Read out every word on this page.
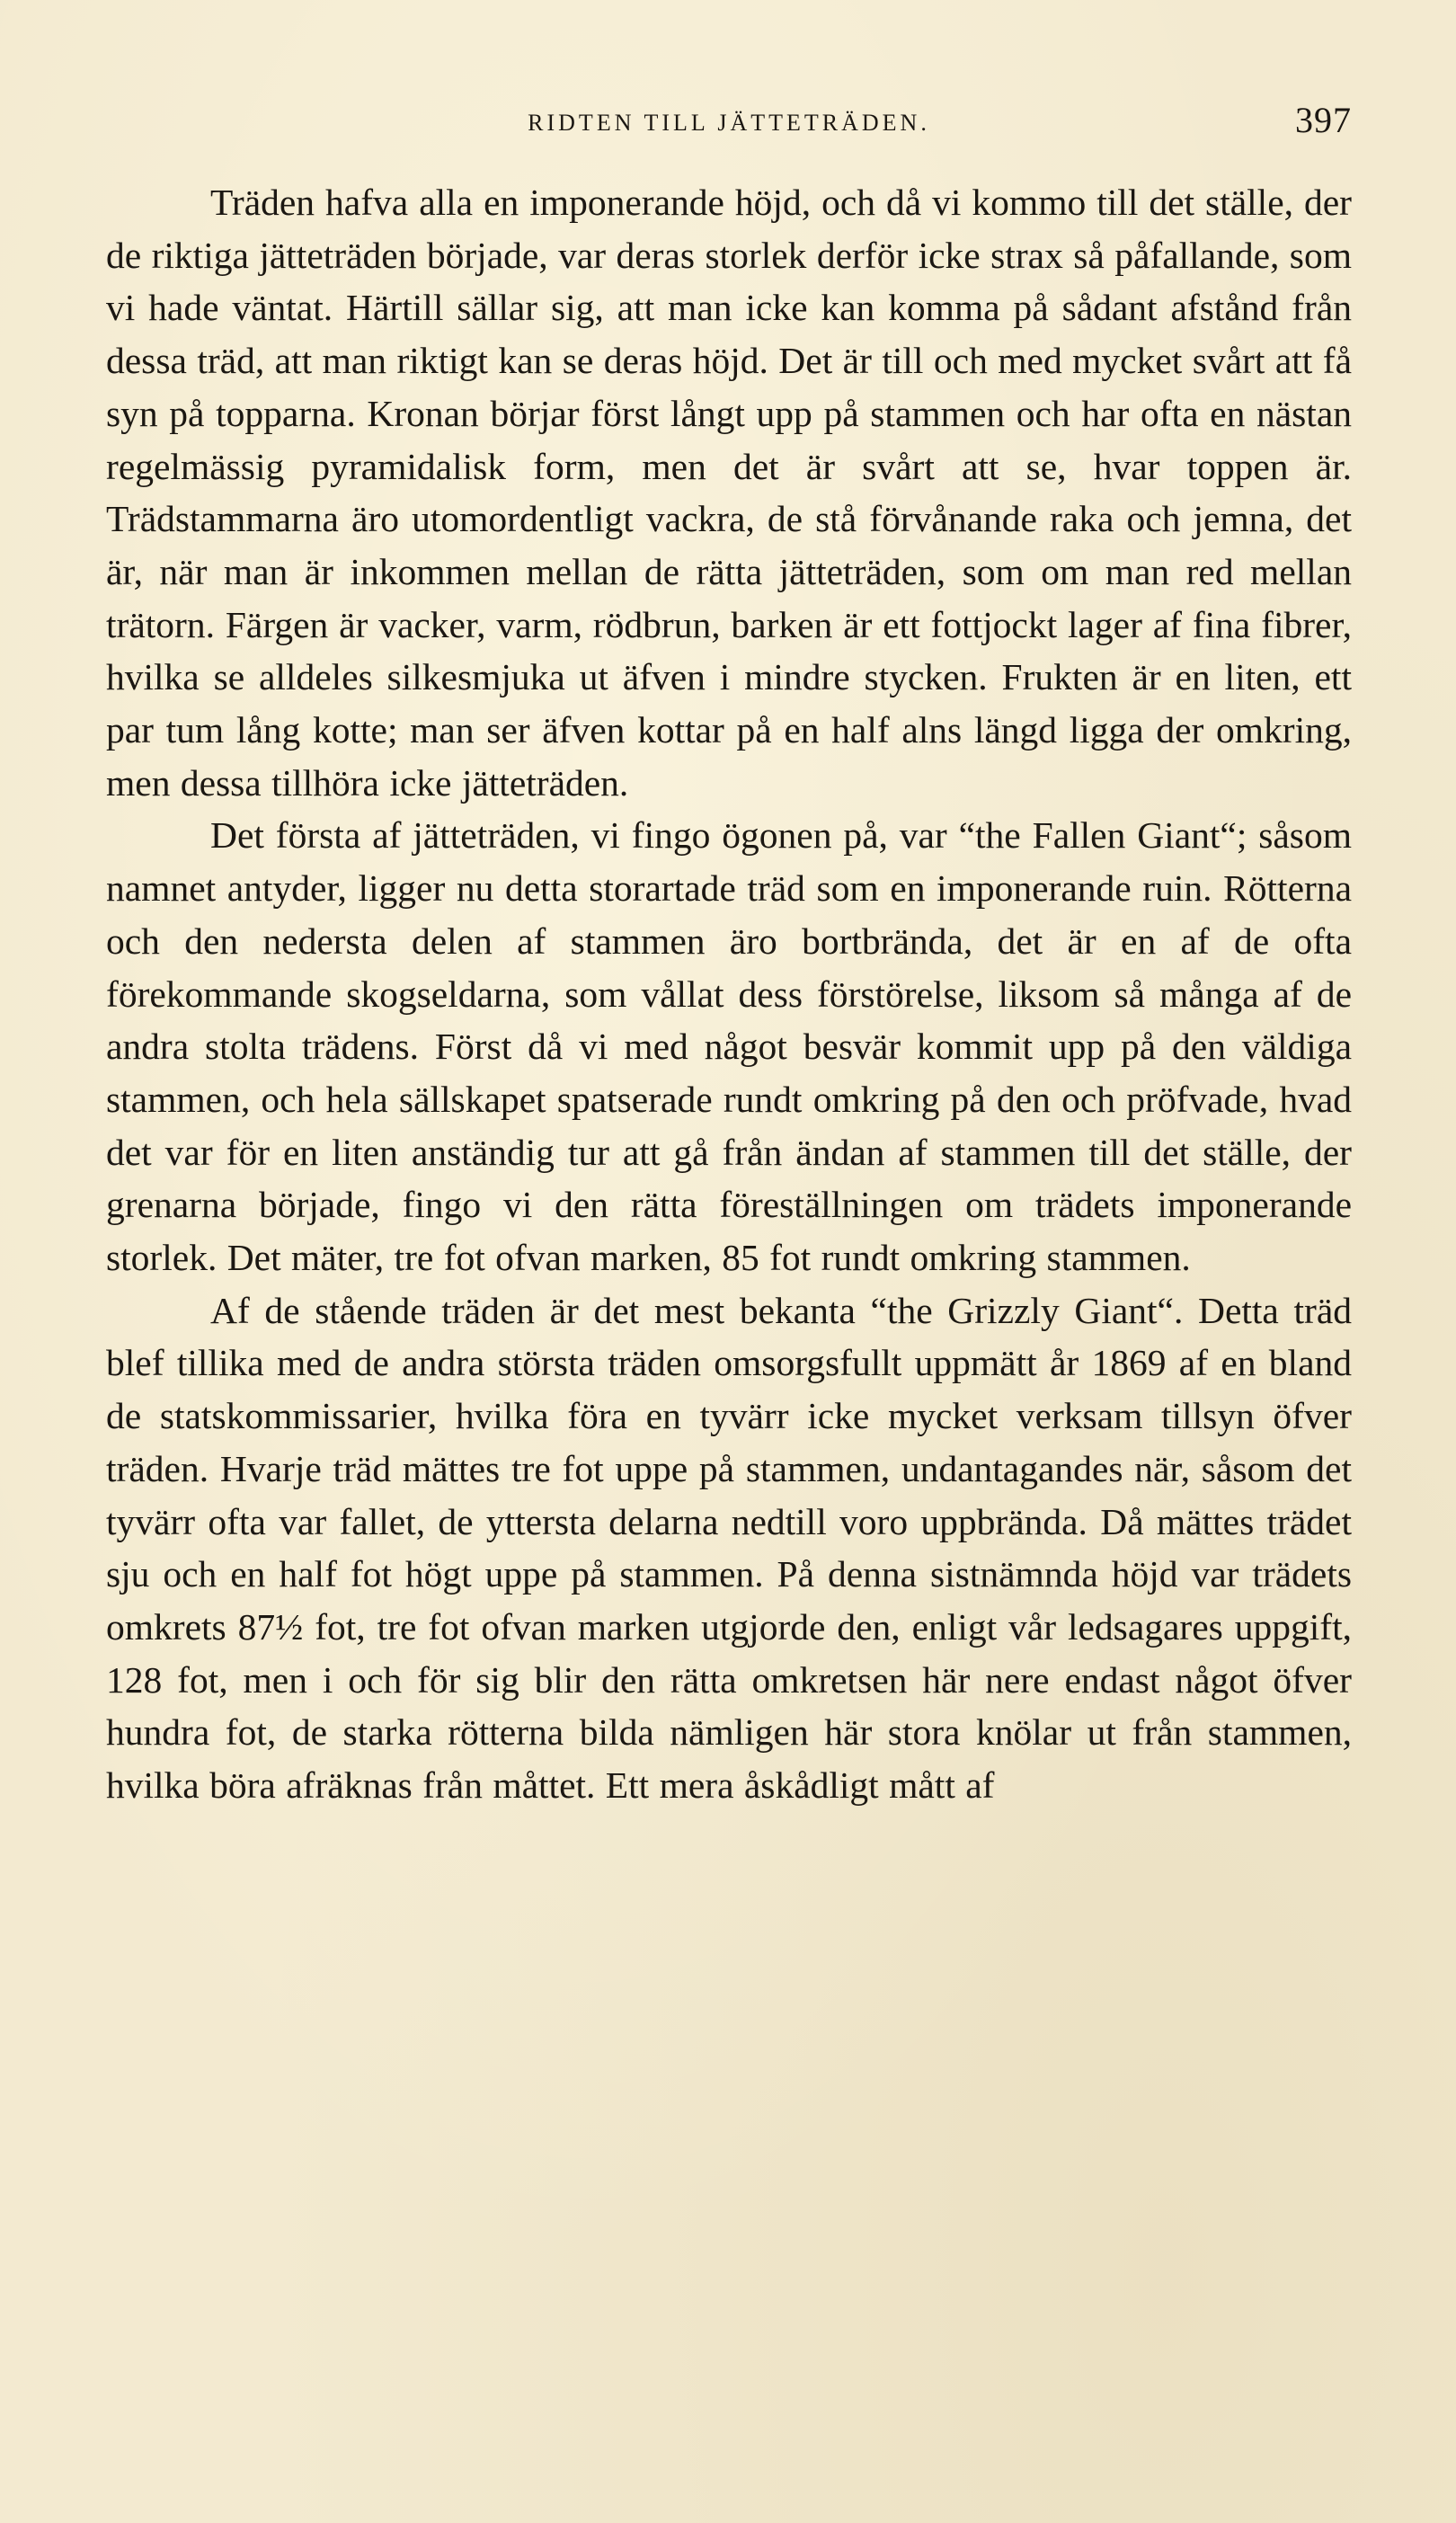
RIDTEN TILL JÄTTETRÄDEN.	397

Träden hafva alla en imponerande höjd, och då vi kommo till det ställe, der de riktiga jätteträden började, var deras storlek derför icke strax så påfallande, som vi hade väntat. Härtill sällar sig, att man icke kan komma på sådant afstånd från dessa träd, att man riktigt kan se deras höjd. Det är till och med mycket svårt att få syn på topparna. Kronan börjar först långt upp på stammen och har ofta en nästan regelmässig pyramidalisk form, men det är svårt att se, hvar toppen är. Trädstammarna äro utomordentligt vackra, de stå förvånande raka och jemna, det är, när man är inkommen mellan de rätta jätteträden, som om man red mellan trätorn. Färgen är vacker, varm, rödbrun, barken är ett fottjockt lager af fina fibrer, hvilka se alldeles silkesmjuka ut äfven i mindre stycken. Frukten är en liten, ett par tum lång kotte; man ser äfven kottar på en half alns längd ligga der omkring, men dessa tillhöra icke jätteträden.

Det första af jätteträden, vi fingo ögonen på, var “the Fallen Giant“; såsom namnet antyder, ligger nu detta storartade träd som en imponerande ruin. Rötterna och den nedersta delen af stammen äro bortbrända, det är en af de ofta förekommande skogseldarna, som vållat dess förstörelse, liksom så många af de andra stolta trädens. Först då vi med något besvär kommit upp på den väldiga stammen, och hela sällskapet spatserade rundt omkring på den och pröfvade, hvad det var för en liten anständig tur att gå från ändan af stammen till det ställe, der grenarna började, fingo vi den rätta föreställningen om trädets imponerande storlek. Det mäter, tre fot ofvan marken, 85 fot rundt omkring stammen.

Af de stående träden är det mest bekanta “the Grizzly Giant“. Detta träd blef tillika med de andra största träden omsorgsfullt uppmätt år 1869 af en bland de statskommissarier, hvilka föra en tyvärr icke mycket verksam tillsyn öfver träden. Hvarje träd mättes tre fot uppe på stammen, undantagandes när, såsom det tyvärr ofta var fallet, de yttersta delarna nedtill voro uppbrända. Då mättes trädet sju och en half fot högt uppe på stammen. På denna sistnämnda höjd var trädets omkrets 87½ fot, tre fot ofvan marken utgjorde den, enligt vår ledsagares uppgift, 128 fot, men i och för sig blir den rätta omkretsen här nere endast något öfver hundra fot, de starka rötterna bilda nämligen här stora knölar ut från stammen, hvilka böra afräknas från måttet. Ett mera åskådligt mått af
